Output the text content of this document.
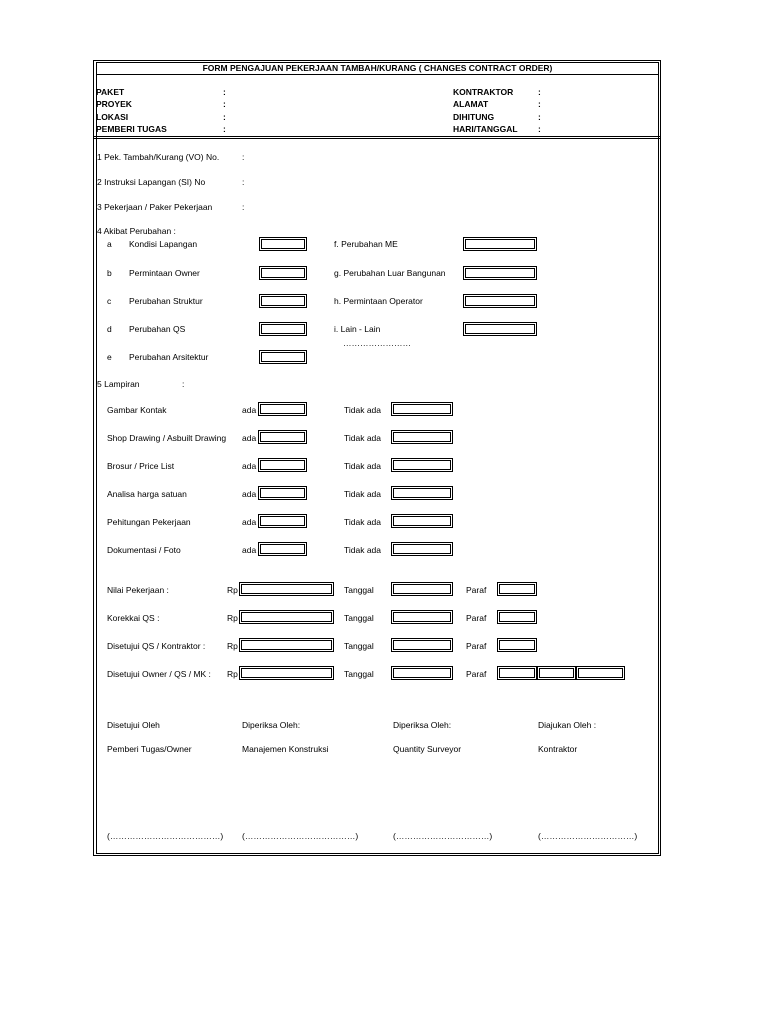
FORM PENGAJUAN PEKERJAAN TAMBAH/KURANG ( CHANGES CONTRACT ORDER)
PAKET	:
PROYEK	:
LOKASI	:
PEMBERI TUGAS	:
KONTRAKTOR	:
ALAMAT	:
DIHITUNG	:
HARI/TANGGAL :
1 Pek. Tambah/Kurang (VO) No.	:
2 Instruksi Lapangan (SI) No	:
3 Pekerjaan / Paker Pekerjaan	:
4 Akibat Perubahan :
a Kondisi Lapangan
b Permintaan Owner
c Perubahan Struktur
d Perubahan QS
e Perubahan Arsitektur
f. Perubahan ME
g. Perubahan Luar Bangunan
h. Permintaan Operator
i. Lain - Lain
……………………
5 Lampiran	:
Gambar Kontak	ada	Tidak ada
Shop Drawing / Asbuilt Drawing ada	Tidak ada
Brosur / Price List	ada	Tidak ada
Analisa harga satuan	ada	Tidak ada
Pehitungan Pekerjaan	ada	Tidak ada
Dokumentasi / Foto	ada	Tidak ada
Nilai Pekerjaan :	Rp	Tanggal	Paraf
Korekkai QS :	Rp	Tanggal	Paraf
Disetujui QS / Kontraktor :	Rp	Tanggal	Paraf
Disetujui Owner / QS / MK : Rp	Tanggal	Paraf
Disetujui Oleh
Pemberi Tugas/Owner
(…………………………………)
Diperiksa Oleh:
Manajemen Konstruksi
(…………………………………)
Diperiksa Oleh:
Quantity Surveyor
(……………………………)
Diajukan Oleh :
Kontraktor
(……………………………)
